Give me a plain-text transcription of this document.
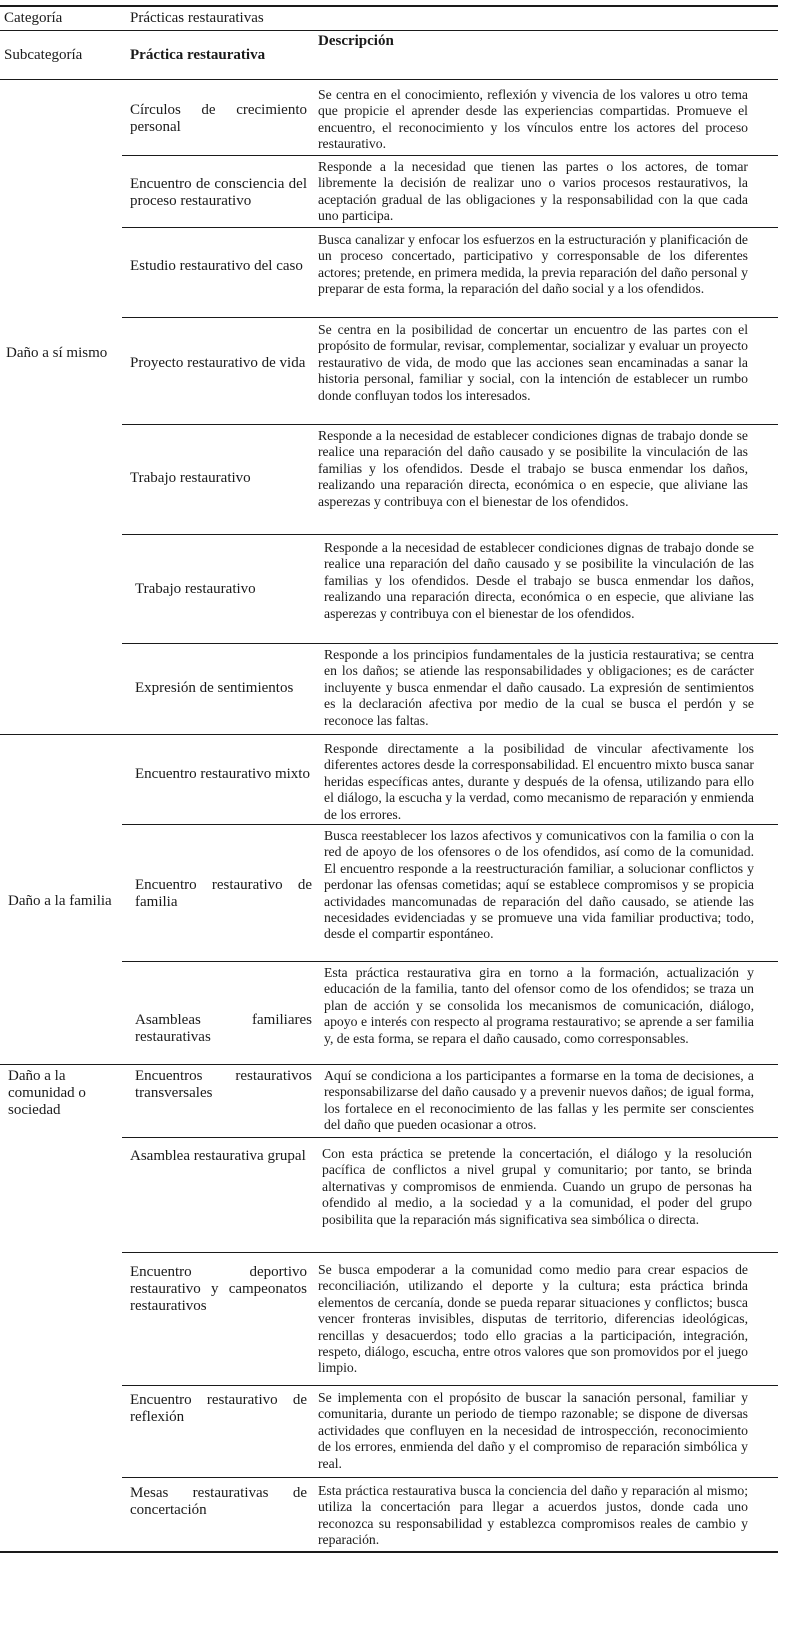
Categoría	Prácticas restaurativas
Subcategoría	Práctica restaurativa
Descripción
Daño a sí mismo
Círculos de crecimiento personal
Se centra en el conocimiento, reflexión y vivencia de los valores u otro tema que propicie el aprender desde las experiencias compartidas. Promueve el encuentro, el reconocimiento y los vínculos entre los actores del proceso restaurativo.
Encuentro de consciencia del proceso restaurativo
Responde a la necesidad que tienen las partes o los actores, de tomar libremente la decisión de realizar uno o varios procesos restaurativos, la aceptación gradual de las obligaciones y la responsabilidad con la que cada uno participa.
Estudio restaurativo del caso
Busca canalizar y enfocar los esfuerzos en la estructuración y planificación de un proceso concertado, participativo y corresponsable de los diferentes actores; pretende, en primera medida, la previa reparación del daño personal y preparar de esta forma, la reparación del daño social y a los ofendidos.
Proyecto restaurativo de vida
Se centra en la posibilidad de concertar un encuentro de las partes con el propósito de formular, revisar, complementar, socializar y evaluar un proyecto restaurativo de vida, de modo que las acciones sean encaminadas a sanar la historia personal, familiar y social, con la intención de establecer un rumbo donde confluyan todos los interesados.
Trabajo restaurativo
Responde a la necesidad de establecer condiciones dignas de trabajo donde se realice una reparación del daño causado y se posibilite la vinculación de las familias y los ofendidos. Desde el trabajo se busca enmendar los daños, realizando una reparación directa, económica o en especie, que aliviane las asperezas y contribuya con el bienestar de los ofendidos.
Trabajo restaurativo
Responde a la necesidad de establecer condiciones dignas de trabajo donde se realice una reparación del daño causado y se posibilite la vinculación de las familias y los ofendidos. Desde el trabajo se busca enmendar los daños, realizando una reparación directa, económica o en especie, que aliviane las asperezas y contribuya con el bienestar de los ofendidos.
Expresión de sentimientos
Responde a los principios fundamentales de la justicia restaurativa; se centra en los daños; se atiende las responsabilidades y obligaciones; es de carácter incluyente y busca enmendar el daño causado. La expresión de sentimientos es la declaración afectiva por medio de la cual se busca el perdón y se reconoce las faltas.
Daño a la familia
Encuentro restaurativo mixto
Responde directamente a la posibilidad de vincular afectivamente los diferentes actores desde la corresponsabilidad. El encuentro mixto busca sanar heridas específicas antes, durante y después de la ofensa, utilizando para ello el diálogo, la escucha y la verdad, como mecanismo de reparación y enmienda de los errores.
Encuentro restaurativo de familia
Busca reestablecer los lazos afectivos y comunicativos con la familia o con la red de apoyo de los ofensores o de los ofendidos, así como de la comunidad. El encuentro responde a la reestructuración familiar, a solucionar conflictos y perdonar las ofensas cometidas; aquí se establece compromisos y se propicia actividades mancomunadas de reparación del daño causado, se atiende las necesidades evidenciadas y se promueve una vida familiar productiva; todo, desde el compartir espontáneo.
Asambleas familiares restaurativas
Esta práctica restaurativa gira en torno a la formación, actualización y educación de la familia, tanto del ofensor como de los ofendidos; se traza un plan de acción y se consolida los mecanismos de comunicación, diálogo, apoyo e interés con respecto al programa restaurativo; se aprende a ser familia y, de esta forma, se repara el daño causado, como corresponsables.
Daño a la comunidad o sociedad
Encuentros restaurativos transversales
Aquí se condiciona a los participantes a formarse en la toma de decisiones, a responsabilizarse del daño causado y a prevenir nuevos daños; de igual forma, los fortalece en el reconocimiento de las fallas y les permite ser conscientes del daño que pueden ocasionar a otros.
Asamblea restaurativa grupal Con esta práctica se pretende la concertación, el diálogo y la resolución pacífica de conflictos a nivel grupal y comunitario; por tanto, se brinda alternativas y compromisos de enmienda. Cuando un grupo de personas ha ofendido al medio, a la sociedad y a la comunidad, el poder del grupo posibilita que la reparación más significativa sea simbólica o directa.
Encuentro deportivo restaurativo y campeonatos restaurativos
Se busca empoderar a la comunidad como medio para crear espacios de reconciliación, utilizando el deporte y la cultura; esta práctica brinda elementos de cercanía, donde se pueda reparar situaciones y conflictos; busca vencer fronteras invisibles, disputas de territorio, diferencias ideológicas, rencillas y desacuerdos; todo ello gracias a la participación, integración, respeto, diálogo, escucha, entre otros valores que son promovidos por el juego limpio.
Encuentro restaurativo de reflexión
Se implementa con el propósito de buscar la sanación personal, familiar y comunitaria, durante un periodo de tiempo razonable; se dispone de diversas actividades que confluyen en la necesidad de introspección, reconocimiento de los errores, enmienda del daño y el compromiso de reparación simbólica y real.
Mesas restaurativas de concertación
Esta práctica restaurativa busca la conciencia del daño y reparación al mismo; utiliza la concertación para llegar a acuerdos justos, donde cada uno reconozca su responsabilidad y establezca compromisos reales de cambio y reparación.
